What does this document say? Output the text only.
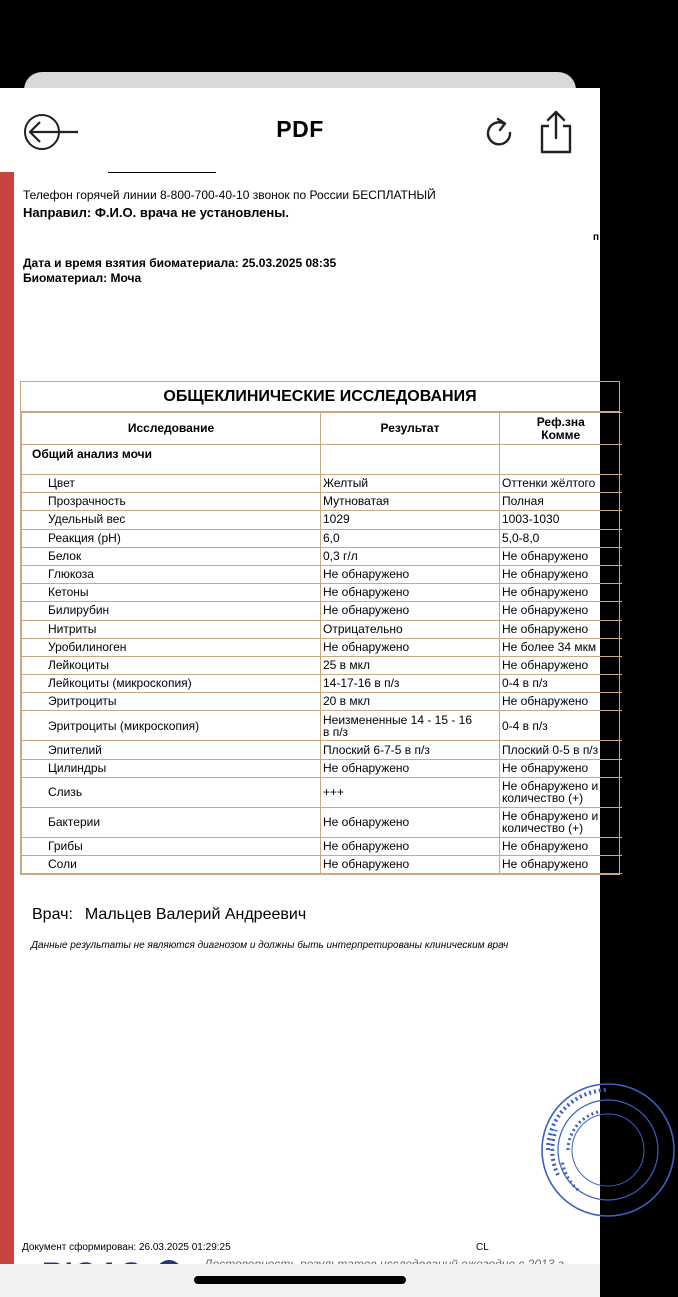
PDF
Телефон горячей линии 8-800-700-40-10 звонок по России БЕСПЛАТНЫЙ
Направил: Ф.И.О. врача не установлены.
п
Дата и время взятия биоматериала: 25.03.2025 08:35
Биоматериал: Моча
ОБЩЕКЛИНИЧЕСКИЕ ИССЛЕДОВАНИЯ
Исследование	Результат	Реф.зна
Комме
Общий анализ мочи		
Цвет	Желтый	Оттенки жёлтого
Прозрачность	Мутноватая	Полная
Удельный вес	1029	1003-1030
Реакция (pH)	6,0	5,0-8,0
Белок	0,3 г/л	Не обнаружено
Глюкоза	Не обнаружено	Не обнаружено
Кетоны	Не обнаружено	Не обнаружено
Билирубин	Не обнаружено	Не обнаружено
Нитриты	Отрицательно	Не обнаружено
Уробилиноген	Не обнаружено	Не более 34 мкм
Лейкоциты	25 в мкл	Не обнаружено
Лейкоциты (микроскопия)	14-17-16 в п/з	0-4 в п/з
Эритроциты	20 в мкл	Не обнаружено
Эритроциты (микроскопия)	Неизмененные 14 - 15 - 16
в п/з	0-4 в п/з
Эпителий	Плоский 6-7-5 в п/з	Плоский 0-5 в п/з
Цилиндры	Не обнаружено	Не обнаружено
Слизь	+++	Не обнаружено и
количество (+)
Бактерии	Не обнаружено	Не обнаружено и
количество (+)
Грибы	Не обнаружено	Не обнаружено
Соли	Не обнаружено	Не обнаружено
Врач: Мальцев Валерий Андреевич
Данные результаты не являются диагнозом и должны быть интерпретированы клиническим врач
Документ сформирован: 26.03.2025 01:29:25	CL
